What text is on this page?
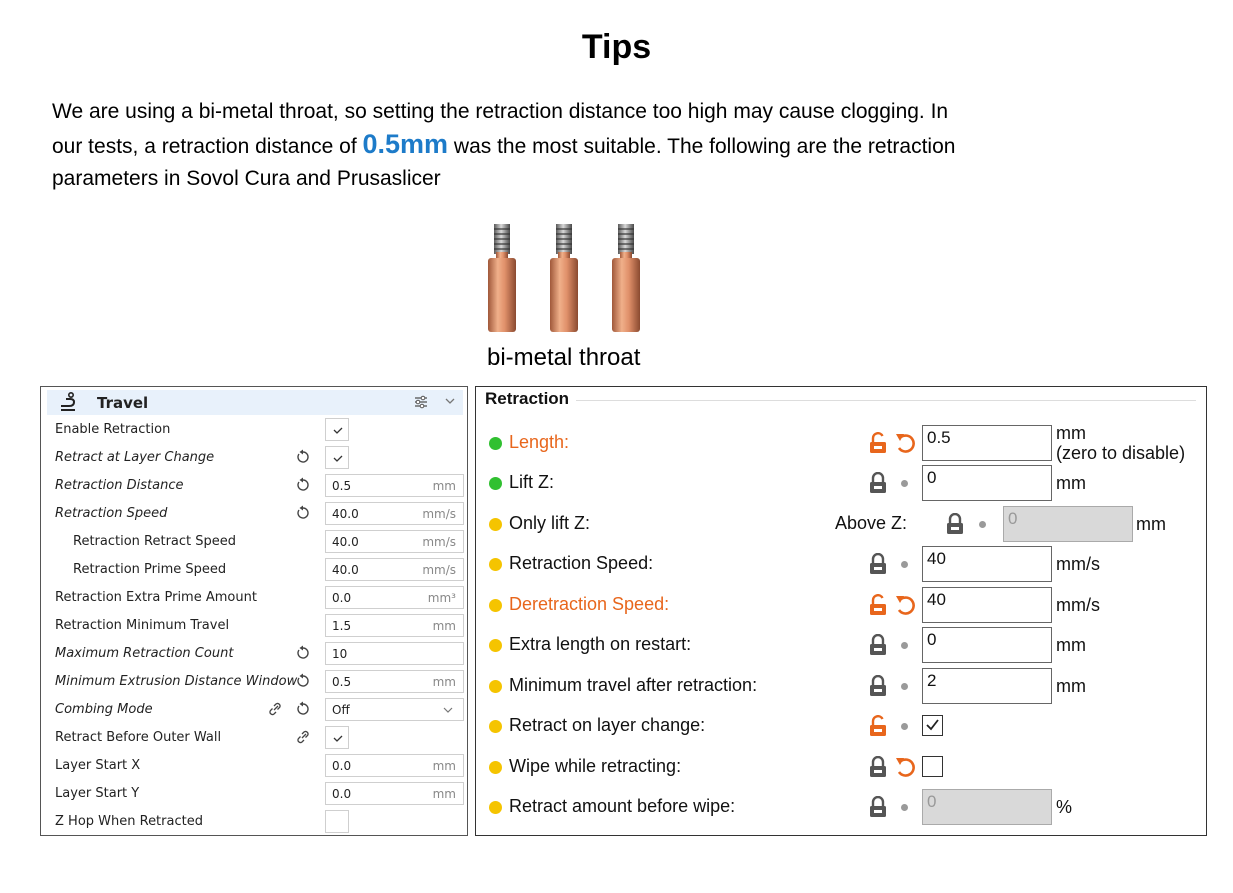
Tips
We are using a bi-metal throat, so setting the retraction distance too high may cause clogging. In our tests, a retraction distance of 0.5mm was the most suitable. The following are the retraction parameters in Sovol Cura and Prusaslicer
bi-metal throat
Travel
Enable Retraction
Retract at Layer Change
Retraction Distance	0.5	mm
Retraction Speed	40.0	mm/s
Retraction Retract Speed	40.0	mm/s
Retraction Prime Speed	40.0	mm/s
Retraction Extra Prime Amount	0.0	mm³
Retraction Minimum Travel	1.5	mm
Maximum Retraction Count	10
Minimum Extrusion Distance Window	0.5	mm
Combing Mode	Off
Retract Before Outer Wall
Layer Start X	0.0	mm
Layer Start Y	0.0	mm
Z Hop When Retracted
Retraction
Length:	0.5	mm
(zero to disable)
Lift Z:	0	mm
Only lift Z:	Above Z:	0	mm
Retraction Speed:	40	mm/s
Deretraction Speed:	40	mm/s
Extra length on restart:	0	mm
Minimum travel after retraction:	2	mm
Retract on layer change:
Wipe while retracting:
Retract amount before wipe:	0	%
